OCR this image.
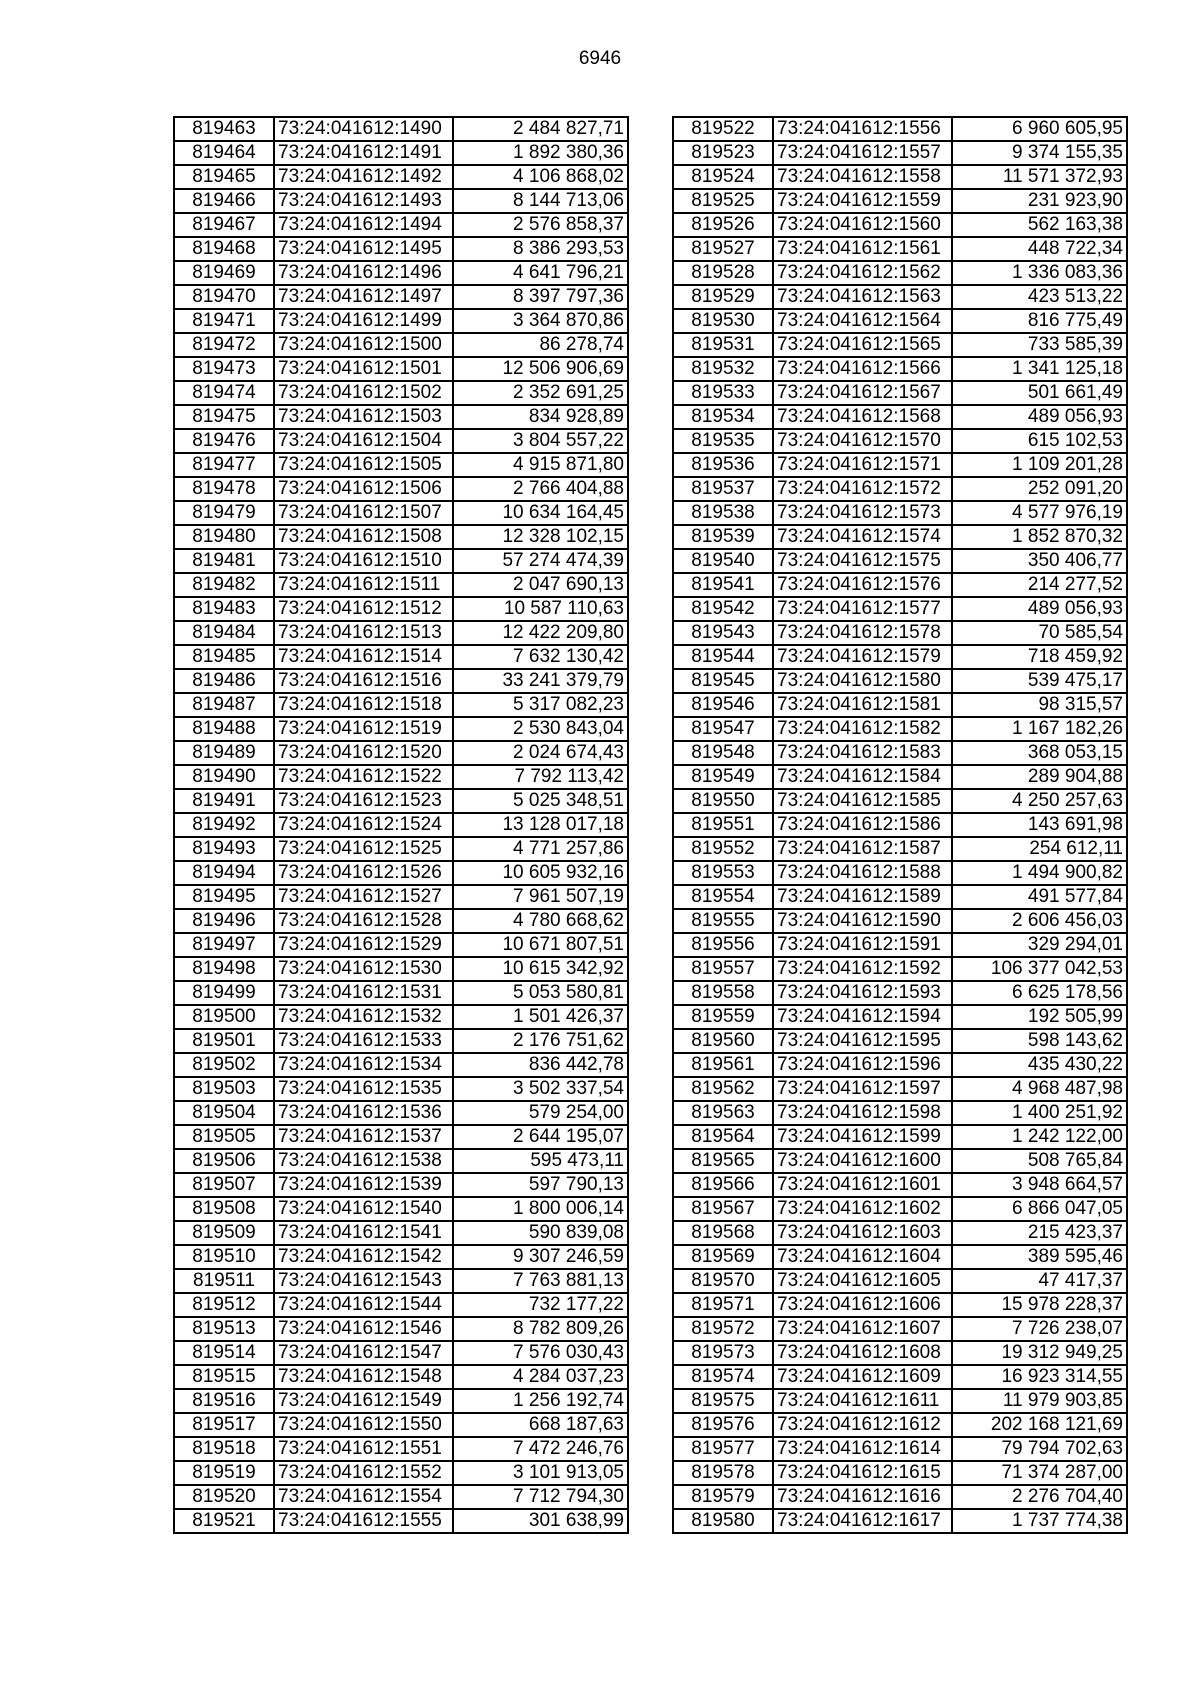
6946
819463	73:24:041612:1490	2 484 827,71
819464	73:24:041612:1491	1 892 380,36
819465	73:24:041612:1492	4 106 868,02
819466	73:24:041612:1493	8 144 713,06
819467	73:24:041612:1494	2 576 858,37
819468	73:24:041612:1495	8 386 293,53
819469	73:24:041612:1496	4 641 796,21
819470	73:24:041612:1497	8 397 797,36
819471	73:24:041612:1499	3 364 870,86
819472	73:24:041612:1500	86 278,74
819473	73:24:041612:1501	12 506 906,69
819474	73:24:041612:1502	2 352 691,25
819475	73:24:041612:1503	834 928,89
819476	73:24:041612:1504	3 804 557,22
819477	73:24:041612:1505	4 915 871,80
819478	73:24:041612:1506	2 766 404,88
819479	73:24:041612:1507	10 634 164,45
819480	73:24:041612:1508	12 328 102,15
819481	73:24:041612:1510	57 274 474,39
819482	73:24:041612:1511	2 047 690,13
819483	73:24:041612:1512	10 587 110,63
819484	73:24:041612:1513	12 422 209,80
819485	73:24:041612:1514	7 632 130,42
819486	73:24:041612:1516	33 241 379,79
819487	73:24:041612:1518	5 317 082,23
819488	73:24:041612:1519	2 530 843,04
819489	73:24:041612:1520	2 024 674,43
819490	73:24:041612:1522	7 792 113,42
819491	73:24:041612:1523	5 025 348,51
819492	73:24:041612:1524	13 128 017,18
819493	73:24:041612:1525	4 771 257,86
819494	73:24:041612:1526	10 605 932,16
819495	73:24:041612:1527	7 961 507,19
819496	73:24:041612:1528	4 780 668,62
819497	73:24:041612:1529	10 671 807,51
819498	73:24:041612:1530	10 615 342,92
819499	73:24:041612:1531	5 053 580,81
819500	73:24:041612:1532	1 501 426,37
819501	73:24:041612:1533	2 176 751,62
819502	73:24:041612:1534	836 442,78
819503	73:24:041612:1535	3 502 337,54
819504	73:24:041612:1536	579 254,00
819505	73:24:041612:1537	2 644 195,07
819506	73:24:041612:1538	595 473,11
819507	73:24:041612:1539	597 790,13
819508	73:24:041612:1540	1 800 006,14
819509	73:24:041612:1541	590 839,08
819510	73:24:041612:1542	9 307 246,59
819511	73:24:041612:1543	7 763 881,13
819512	73:24:041612:1544	732 177,22
819513	73:24:041612:1546	8 782 809,26
819514	73:24:041612:1547	7 576 030,43
819515	73:24:041612:1548	4 284 037,23
819516	73:24:041612:1549	1 256 192,74
819517	73:24:041612:1550	668 187,63
819518	73:24:041612:1551	7 472 246,76
819519	73:24:041612:1552	3 101 913,05
819520	73:24:041612:1554	7 712 794,30
819521	73:24:041612:1555	301 638,99
819522	73:24:041612:1556	6 960 605,95
819523	73:24:041612:1557	9 374 155,35
819524	73:24:041612:1558	11 571 372,93
819525	73:24:041612:1559	231 923,90
819526	73:24:041612:1560	562 163,38
819527	73:24:041612:1561	448 722,34
819528	73:24:041612:1562	1 336 083,36
819529	73:24:041612:1563	423 513,22
819530	73:24:041612:1564	816 775,49
819531	73:24:041612:1565	733 585,39
819532	73:24:041612:1566	1 341 125,18
819533	73:24:041612:1567	501 661,49
819534	73:24:041612:1568	489 056,93
819535	73:24:041612:1570	615 102,53
819536	73:24:041612:1571	1 109 201,28
819537	73:24:041612:1572	252 091,20
819538	73:24:041612:1573	4 577 976,19
819539	73:24:041612:1574	1 852 870,32
819540	73:24:041612:1575	350 406,77
819541	73:24:041612:1576	214 277,52
819542	73:24:041612:1577	489 056,93
819543	73:24:041612:1578	70 585,54
819544	73:24:041612:1579	718 459,92
819545	73:24:041612:1580	539 475,17
819546	73:24:041612:1581	98 315,57
819547	73:24:041612:1582	1 167 182,26
819548	73:24:041612:1583	368 053,15
819549	73:24:041612:1584	289 904,88
819550	73:24:041612:1585	4 250 257,63
819551	73:24:041612:1586	143 691,98
819552	73:24:041612:1587	254 612,11
819553	73:24:041612:1588	1 494 900,82
819554	73:24:041612:1589	491 577,84
819555	73:24:041612:1590	2 606 456,03
819556	73:24:041612:1591	329 294,01
819557	73:24:041612:1592	106 377 042,53
819558	73:24:041612:1593	6 625 178,56
819559	73:24:041612:1594	192 505,99
819560	73:24:041612:1595	598 143,62
819561	73:24:041612:1596	435 430,22
819562	73:24:041612:1597	4 968 487,98
819563	73:24:041612:1598	1 400 251,92
819564	73:24:041612:1599	1 242 122,00
819565	73:24:041612:1600	508 765,84
819566	73:24:041612:1601	3 948 664,57
819567	73:24:041612:1602	6 866 047,05
819568	73:24:041612:1603	215 423,37
819569	73:24:041612:1604	389 595,46
819570	73:24:041612:1605	47 417,37
819571	73:24:041612:1606	15 978 228,37
819572	73:24:041612:1607	7 726 238,07
819573	73:24:041612:1608	19 312 949,25
819574	73:24:041612:1609	16 923 314,55
819575	73:24:041612:1611	11 979 903,85
819576	73:24:041612:1612	202 168 121,69
819577	73:24:041612:1614	79 794 702,63
819578	73:24:041612:1615	71 374 287,00
819579	73:24:041612:1616	2 276 704,40
819580	73:24:041612:1617	1 737 774,38
